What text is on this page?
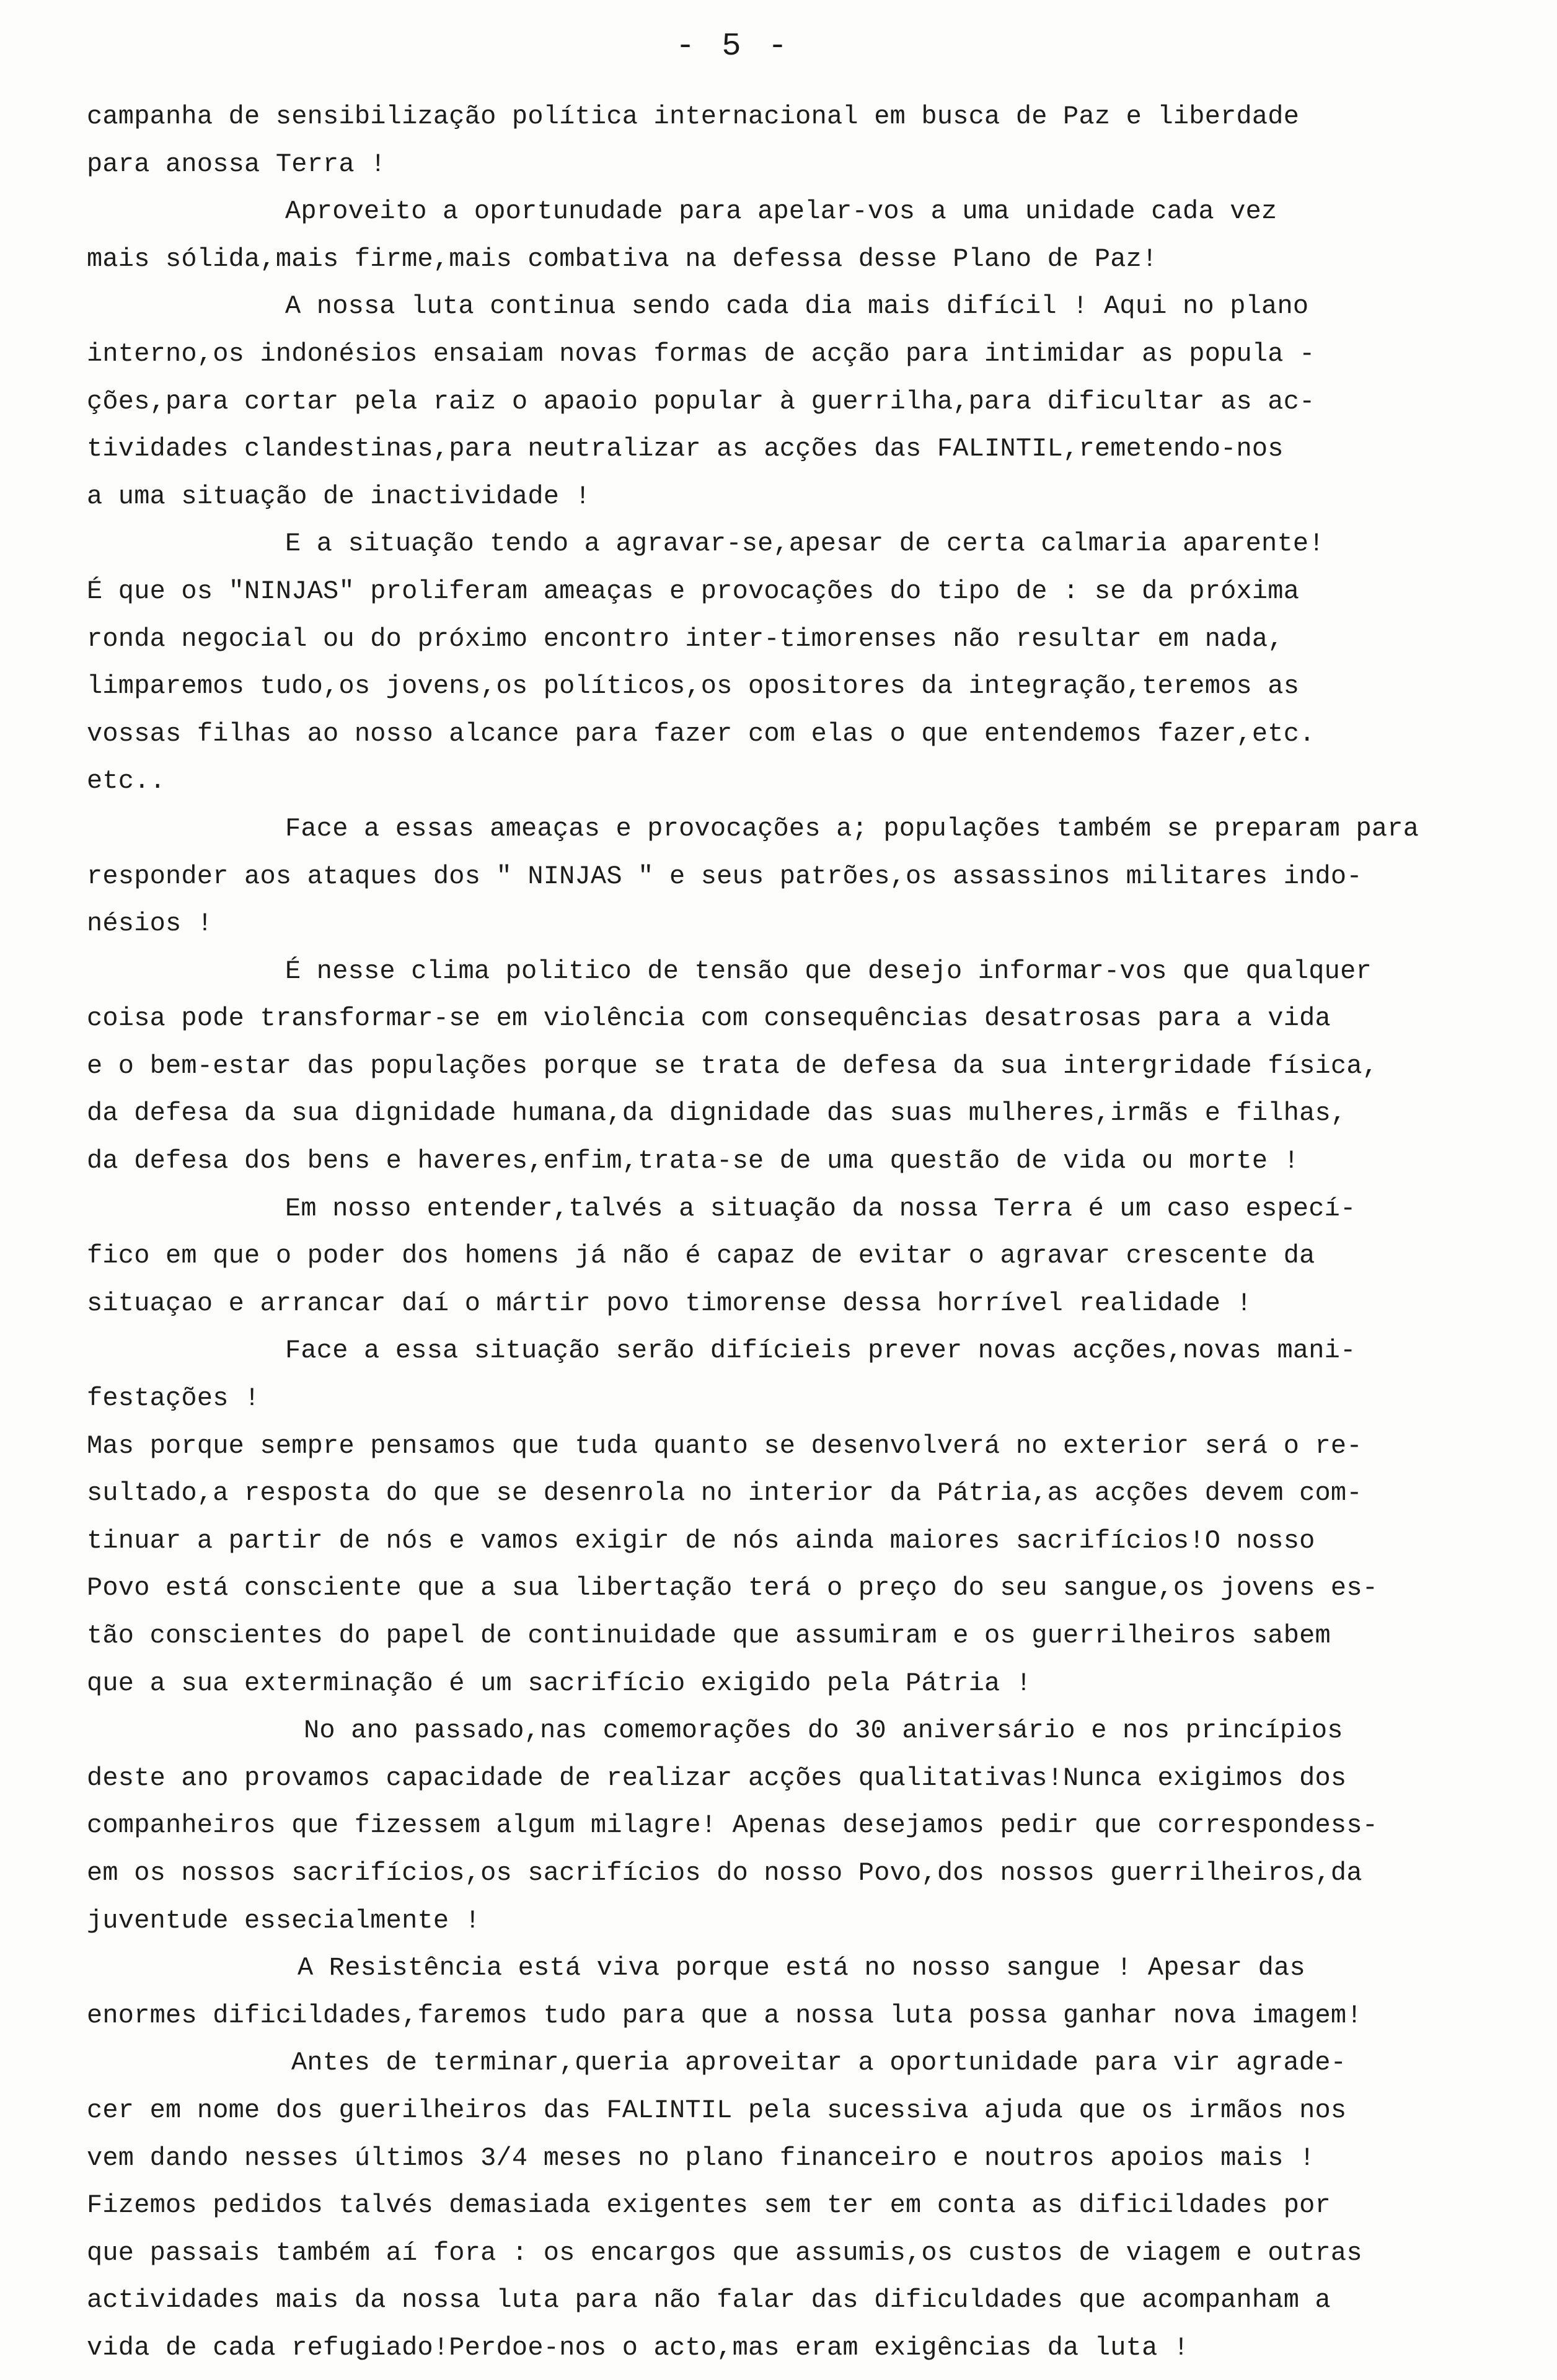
- 5 -
campanha de sensibilização política internacional em busca de Paz e liberdade
para anossa Terra !
Aproveito a oportunudade para apelar-vos a uma unidade cada vez
mais sólida,mais firme,mais combativa na defessa desse Plano de Paz!
A nossa luta continua sendo cada dia mais difícil ! Aqui no plano
interno,os indonésios ensaiam novas formas de acção para intimidar as popula -
ções,para cortar pela raiz o apaoio popular à guerrilha,para dificultar as ac-
tividades clandestinas,para neutralizar as acções das FALINTIL,remetendo-nos
a uma situação de inactividade !
E a situação tendo a agravar-se,apesar de certa calmaria aparente!
É que os "NINJAS" proliferam ameaças e provocações do tipo de : se da próxima
ronda negocial ou do próximo encontro inter-timorenses não resultar em nada,
limparemos tudo,os jovens,os políticos,os opositores da integração,teremos as
vossas filhas ao nosso alcance para fazer com elas o que entendemos fazer,etc.
etc..
Face a essas ameaças e provocações a; populações também se preparam para
responder aos ataques dos " NINJAS " e seus patrões,os assassinos militares indo-
nésios !
É nesse clima politico de tensão que desejo informar-vos que qualquer
coisa pode transformar-se em violência com consequências desatrosas para a vida
e o bem-estar das populações porque se trata de defesa da sua intergridade física,
da defesa da sua dignidade humana,da dignidade das suas mulheres,irmãs e filhas,
da defesa dos bens e haveres,enfim,trata-se de uma questão de vida ou morte !
Em nosso entender,talvés a situação da nossa Terra é um caso especí-
fico em que o poder dos homens já não é capaz de evitar o agravar crescente da
situaçao e arrancar daí o mártir povo timorense dessa horrível realidade !
Face a essa situação serão difícieis prever novas acções,novas mani-
festações !
Mas porque sempre pensamos que tuda quanto se desenvolverá no exterior será o re-
sultado,a resposta do que se desenrola no interior da Pátria,as acções devem com-
tinuar a partir de nós e vamos exigir de nós ainda maiores sacrifícios!O nosso
Povo está consciente que a sua libertação terá o preço do seu sangue,os jovens es-
tão conscientes do papel de continuidade que assumiram e os guerrilheiros sabem
que a sua exterminação é um sacrifício exigido pela Pátria !
No ano passado,nas comemorações do 30 aniversário e nos princípios
deste ano provamos capacidade de realizar acções qualitativas!Nunca exigimos dos
companheiros que fizessem algum milagre! Apenas desejamos pedir que correspondess-
em os nossos sacrifícios,os sacrifícios do nosso Povo,dos nossos guerrilheiros,da
juventude essecialmente !
A Resistência está viva porque está no nosso sangue ! Apesar das
enormes dificildades,faremos tudo para que a nossa luta possa ganhar nova imagem!
Antes de terminar,queria aproveitar a oportunidade para vir agrade-
cer em nome dos guerilheiros das FALINTIL pela sucessiva ajuda que os irmãos nos
vem dando nesses últimos 3/4 meses no plano financeiro e noutros apoios mais !
Fizemos pedidos talvés demasiada exigentes sem ter em conta as dificildades por
que passais também aí fora : os encargos que assumis,os custos de viagem e outras
actividades mais da nossa luta para não falar das dificuldades que acompanham a
vida de cada refugiado!Perdoe-nos o acto,mas eram exigências da luta !
